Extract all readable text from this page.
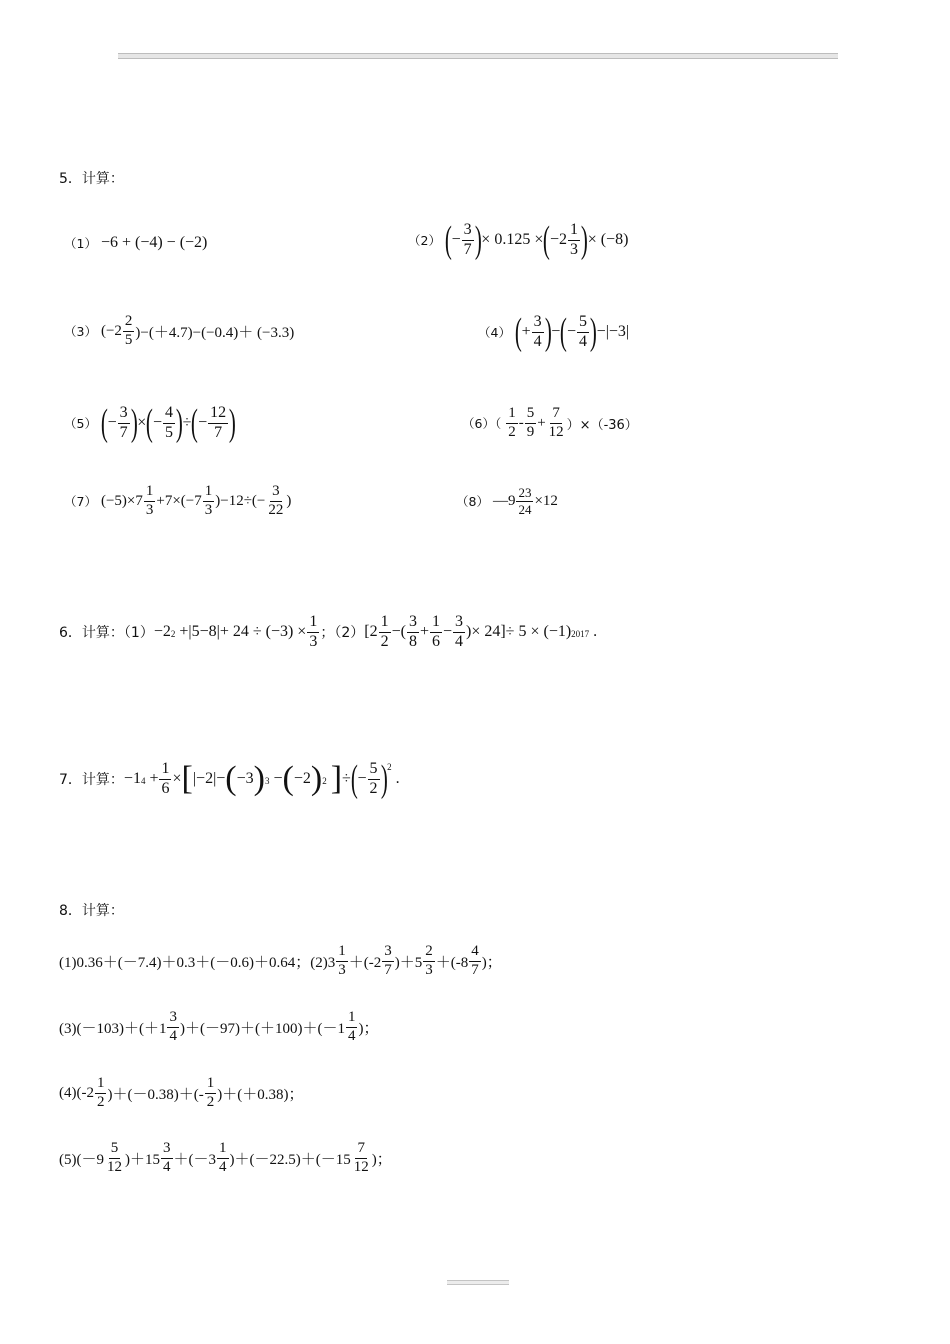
5．计算：
（1） −6 + (−4) − (−2)	（2） ( − $\frac{3}{7}$ ) × 0.125 × ( $-2 \frac{1}{3}$ ) × (−8)
（3） $(-2 \frac{2}{5} )-(+4.7)-(-0.4)+ (-3.3)$	（4） ( + $\frac{3}{4}$ ) − ( − $\frac{5}{4}$ ) −|−3|
（5） ( − $\frac{3}{7}$ ) × ( − $\frac{4}{5}$ ) ÷ ( − $\frac{12}{7}$ )	$(6)( \frac{1}{2} - \frac{5}{9} + \frac{7}{12} )\times(-36)$
（7） $(-5)\times 7 \frac{1}{3} +7\times(-7 \frac{1}{3} )-12\div(- \frac{3}{22}$ )	（8） —9 $\frac{23}{24} \times 12$
6．计算：（1） −2 $2 +|5-8|+ 24 \div (-3) \times \frac{1}{3}$ ；（2） [$2 \frac{1}{2}$ −( $\frac{3}{8} + \frac{1}{6} - \frac{3}{4}$ )× 24]÷ 5 × (−1) 2017 .
7．计算： −1 $4 + \frac{1}{6}$ × [ |−2|− ( −3 ) 3 − ( −2 ) 2
] ÷ ( − $\frac{5}{2}$ ) 2
.
8．计算：
(1)0.36＋(－7.4)＋0.3＋(－0.6)＋0.64；$(2)3 \frac{1}{3} +(-2 \frac{3}{7} )+5 \frac{2}{3} +(-8 \frac{4}{7}$ )；
$(3)(-103)+(+1 \frac{3}{4} )+(-97)+(+100)+(-1 \frac{1}{4}$ )；
$(4)(-2 \frac{1}{2} )+(-0.38)+(- \frac{1}{2} )+(+0.38)$；
$(5)(-9 \frac{5}{12} )+15 \frac{3}{4} +(-3 \frac{1}{4} )+(-22.5)+(-15 \frac{7}{12}$ )；
